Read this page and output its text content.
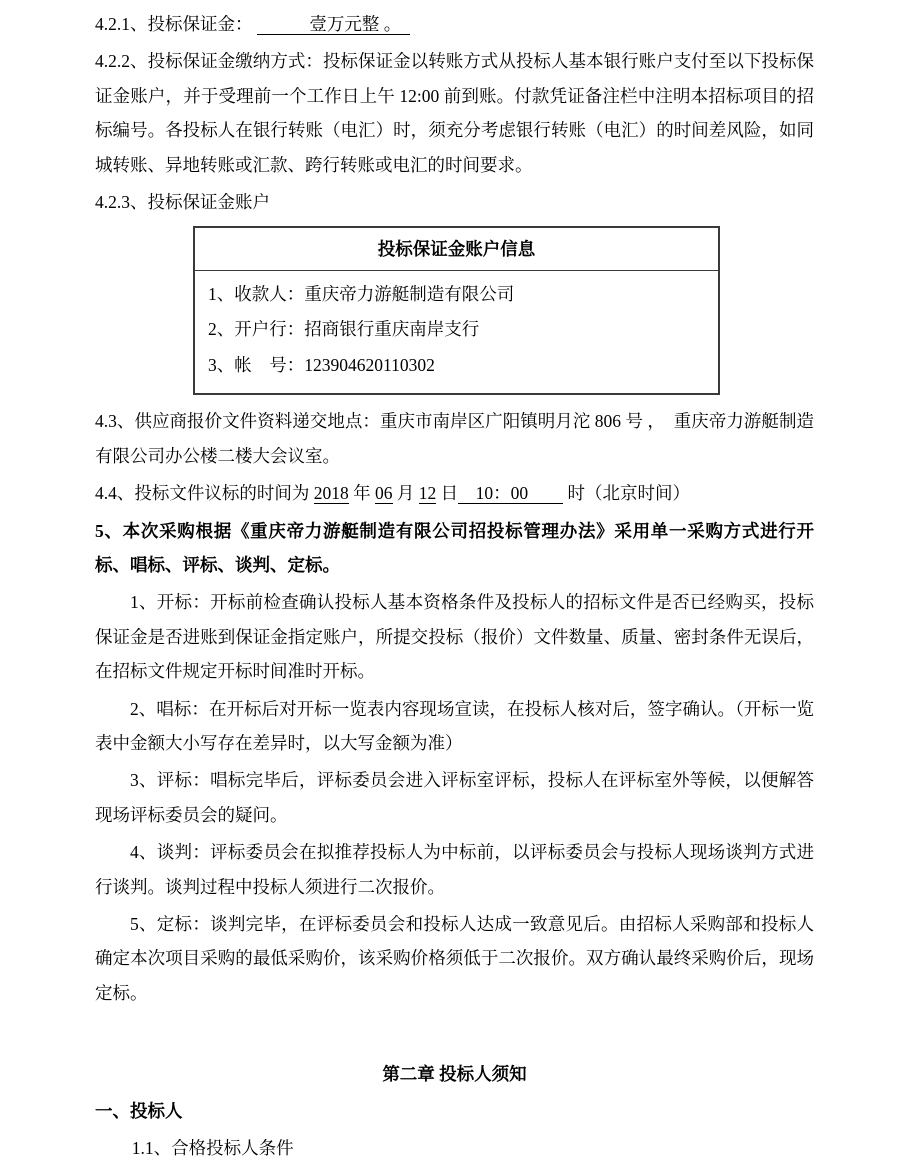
4.2.1、投标保证金： 　　　壹万元整 。　

4.2.2、投标保证金缴纳方式：投标保证金以转账方式从投标人基本银行账户支付至以下投标保证金账户，并于受理前一个工作日上午 12:00 前到账。付款凭证备注栏中注明本招标项目的招标编号。各投标人在银行转账（电汇）时，须充分考虑银行转账（电汇）的时间差风险，如同城转账、异地转账或汇款、跨行转账或电汇的时间要求。

4.2.3、投标保证金账户

投标保证金账户信息
1、收款人：重庆帝力游艇制造有限公司
2、开户行：招商银行重庆南岸支行
3、帐　号：123904620110302

4.3、供应商报价文件资料递交地点：重庆市南岸区广阳镇明月沱 806 号 ，  重庆帝力游艇制造有限公司办公楼二楼大会议室。

4.4、投标文件议标的时间为 2018 年 06 月 12 日　10：00　　 时（北京时间）

5、本次采购根据《重庆帝力游艇制造有限公司招投标管理办法》采用单一采购方式进行开标、唱标、评标、谈判、定标。

1、开标：开标前检查确认投标人基本资格条件及投标人的招标文件是否已经购买，投标保证金是否进账到保证金指定账户，所提交投标（报价）文件数量、质量、密封条件无误后，在招标文件规定开标时间准时开标。

2、唱标：在开标后对开标一览表内容现场宣读，在投标人核对后，签字确认。（开标一览表中金额大小写存在差异时，以大写金额为准）

3、评标：唱标完毕后，评标委员会进入评标室评标，投标人在评标室外等候，以便解答现场评标委员会的疑问。

4、谈判：评标委员会在拟推荐投标人为中标前，以评标委员会与投标人现场谈判方式进行谈判。谈判过程中投标人须进行二次报价。

5、定标：谈判完毕，在评标委员会和投标人达成一致意见后。由招标人采购部和投标人确定本次项目采购的最低采购价，该采购价格须低于二次报价。双方确认最终采购价后，现场定标。

第二章 投标人须知

一、投标人

1.1、合格投标人条件
